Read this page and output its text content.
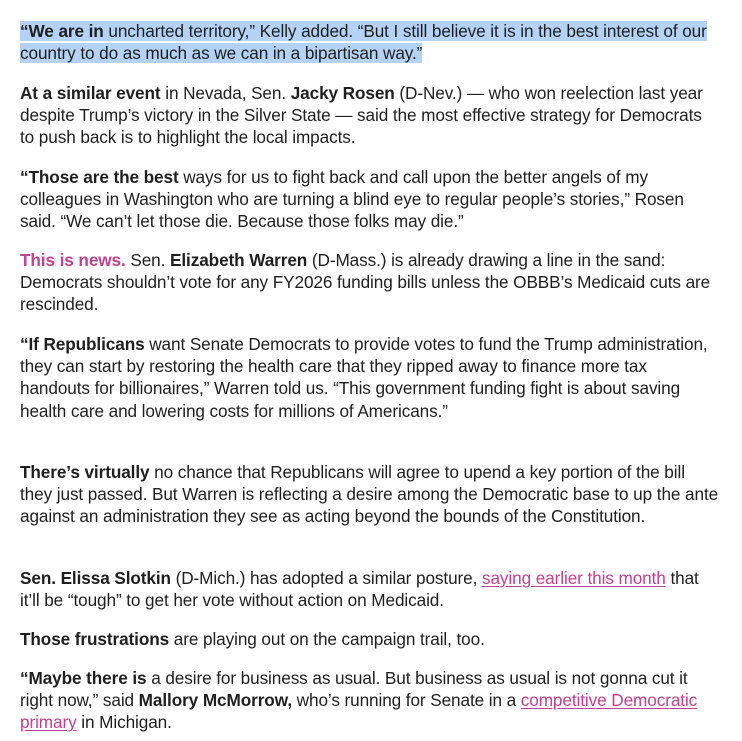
“We are in uncharted territory,” Kelly added. “But I still believe it is in the best interest of our country to do as much as we can in a bipartisan way.”

At a similar event in Nevada, Sen. Jacky Rosen (D-Nev.) — who won reelection last year despite Trump’s victory in the Silver State — said the most effective strategy for Democrats to push back is to highlight the local impacts.

“Those are the best ways for us to fight back and call upon the better angels of my colleagues in Washington who are turning a blind eye to regular people’s stories,” Rosen said. “We can’t let those die. Because those folks may die.”

This is news. Sen. Elizabeth Warren (D-Mass.) is already drawing a line in the sand: Democrats shouldn’t vote for any FY2026 funding bills unless the OBBB’s Medicaid cuts are rescinded.

“If Republicans want Senate Democrats to provide votes to fund the Trump administration, they can start by restoring the health care that they ripped away to finance more tax handouts for billionaires,” Warren told us. “This government funding fight is about saving health care and lowering costs for millions of Americans.”

There’s virtually no chance that Republicans will agree to upend a key portion of the bill they just passed. But Warren is reflecting a desire among the Democratic base to up the ante against an administration they see as acting beyond the bounds of the Constitution.

Sen. Elissa Slotkin (D-Mich.) has adopted a similar posture, saying earlier this month that it’ll be “tough” to get her vote without action on Medicaid.

Those frustrations are playing out on the campaign trail, too.

“Maybe there is a desire for business as usual. But business as usual is not gonna cut it right now,” said Mallory McMorrow, who’s running for Senate in a competitive Democratic primary in Michigan.
